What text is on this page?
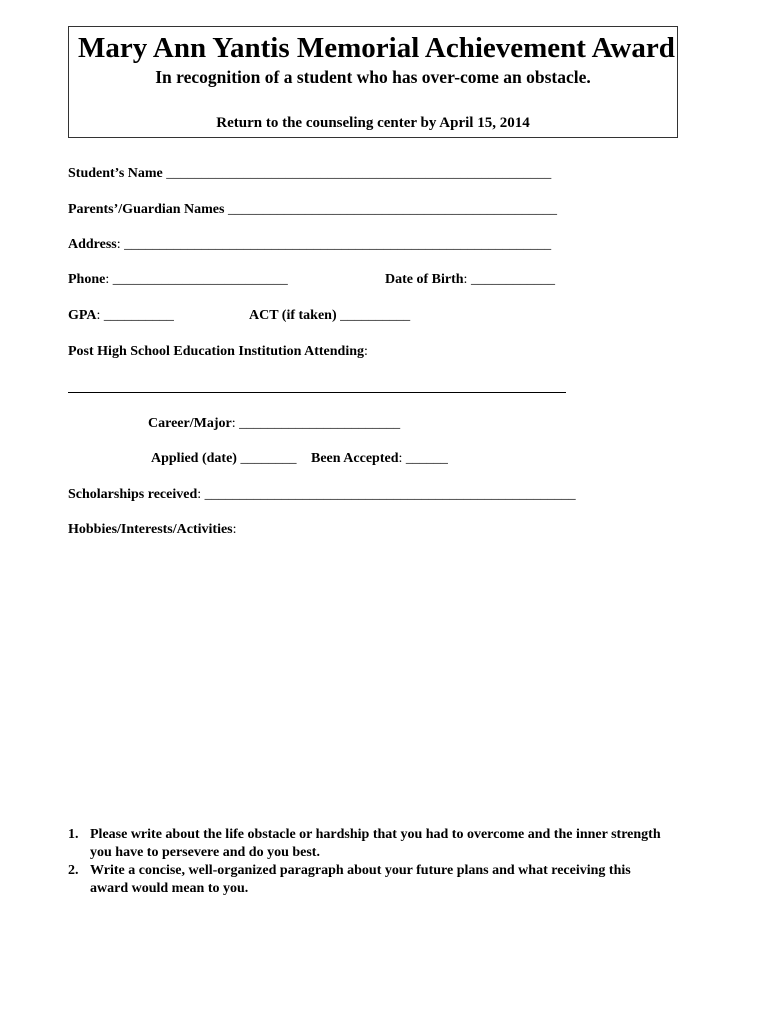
Mary Ann Yantis Memorial Achievement Award

In recognition of a student who has over-come an obstacle.

Return to the counseling center by April 15, 2014

Student’s Name _______________________________________________________
Parents’/Guardian Names _______________________________________________
Address: _____________________________________________________________
Phone: _________________________	Date of Birth: ____________
GPA: __________	ACT (if taken) __________
Post High School Education Institution Attending:
Career/Major: _______________________
Applied (date) ________ Been Accepted: ______
Scholarships received: _____________________________________________________
Hobbies/Interests/Activities:
1. Please write about the life obstacle or hardship that you had to overcome and the inner strength you have to persevere and do you best.
2. Write a concise, well-organized paragraph about your future plans and what receiving this award would mean to you.
